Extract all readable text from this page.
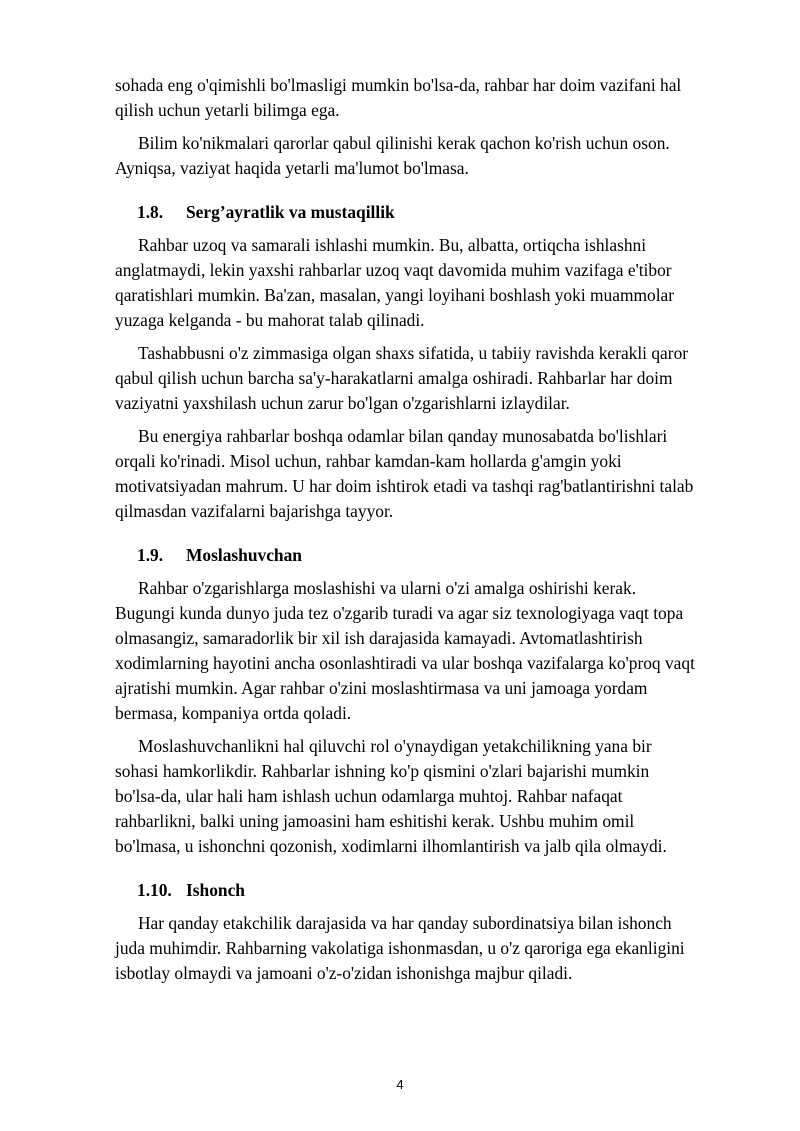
sohada eng o'qimishli bo'lmasligi mumkin bo'lsa-da, rahbar har doim vazifani hal
qilish uchun yetarli bilimga ega.

Bilim ko'nikmalari qarorlar qabul qilinishi kerak qachon ko'rish uchun oson.
Ayniqsa, vaziyat haqida yetarli ma'lumot bo'lmasa.

1.8.	Serg’ayratlik va mustaqillik

Rahbar uzoq va samarali ishlashi mumkin. Bu, albatta, ortiqcha ishlashni
anglatmaydi, lekin yaxshi rahbarlar uzoq vaqt davomida muhim vazifaga e'tibor
qaratishlari mumkin. Ba'zan, masalan, yangi loyihani boshlash yoki muammolar
yuzaga kelganda - bu mahorat talab qilinadi.

Tashabbusni o'z zimmasiga olgan shaxs sifatida, u tabiiy ravishda kerakli qaror
qabul qilish uchun barcha sa'y-harakatlarni amalga oshiradi. Rahbarlar har doim
vaziyatni yaxshilash uchun zarur bo'lgan o'zgarishlarni izlaydilar.

Bu energiya rahbarlar boshqa odamlar bilan qanday munosabatda bo'lishlari
orqali ko'rinadi. Misol uchun, rahbar kamdan-kam hollarda g'amgin yoki
motivatsiyadan mahrum. U har doim ishtirok etadi va tashqi rag'batlantirishni talab
qilmasdan vazifalarni bajarishga tayyor.

1.9.	Moslashuvchan

Rahbar o'zgarishlarga moslashishi va ularni o'zi amalga oshirishi kerak.
Bugungi kunda dunyo juda tez o'zgarib turadi va agar siz texnologiyaga vaqt topa
olmasangiz, samaradorlik bir xil ish darajasida kamayadi. Avtomatlashtirish
xodimlarning hayotini ancha osonlashtiradi va ular boshqa vazifalarga ko'proq vaqt
ajratishi mumkin. Agar rahbar o'zini moslashtirmasa va uni jamoaga yordam
bermasa, kompaniya ortda qoladi.

Moslashuvchanlikni hal qiluvchi rol o'ynaydigan yetakchilikning yana bir
sohasi hamkorlikdir. Rahbarlar ishning ko'p qismini o'zlari bajarishi mumkin
bo'lsa-da, ular hali ham ishlash uchun odamlarga muhtoj. Rahbar nafaqat
rahbarlikni, balki uning jamoasini ham eshitishi kerak. Ushbu muhim omil
bo'lmasa, u ishonchni qozonish, xodimlarni ilhomlantirish va jalb qila olmaydi.

1.10. Ishonch

Har qanday etakchilik darajasida va har qanday subordinatsiya bilan ishonch
juda muhimdir. Rahbarning vakolatiga ishonmasdan, u o'z qaroriga ega ekanligini
isbotlay olmaydi va jamoani o'z-o'zidan ishonishga majbur qiladi.

4
